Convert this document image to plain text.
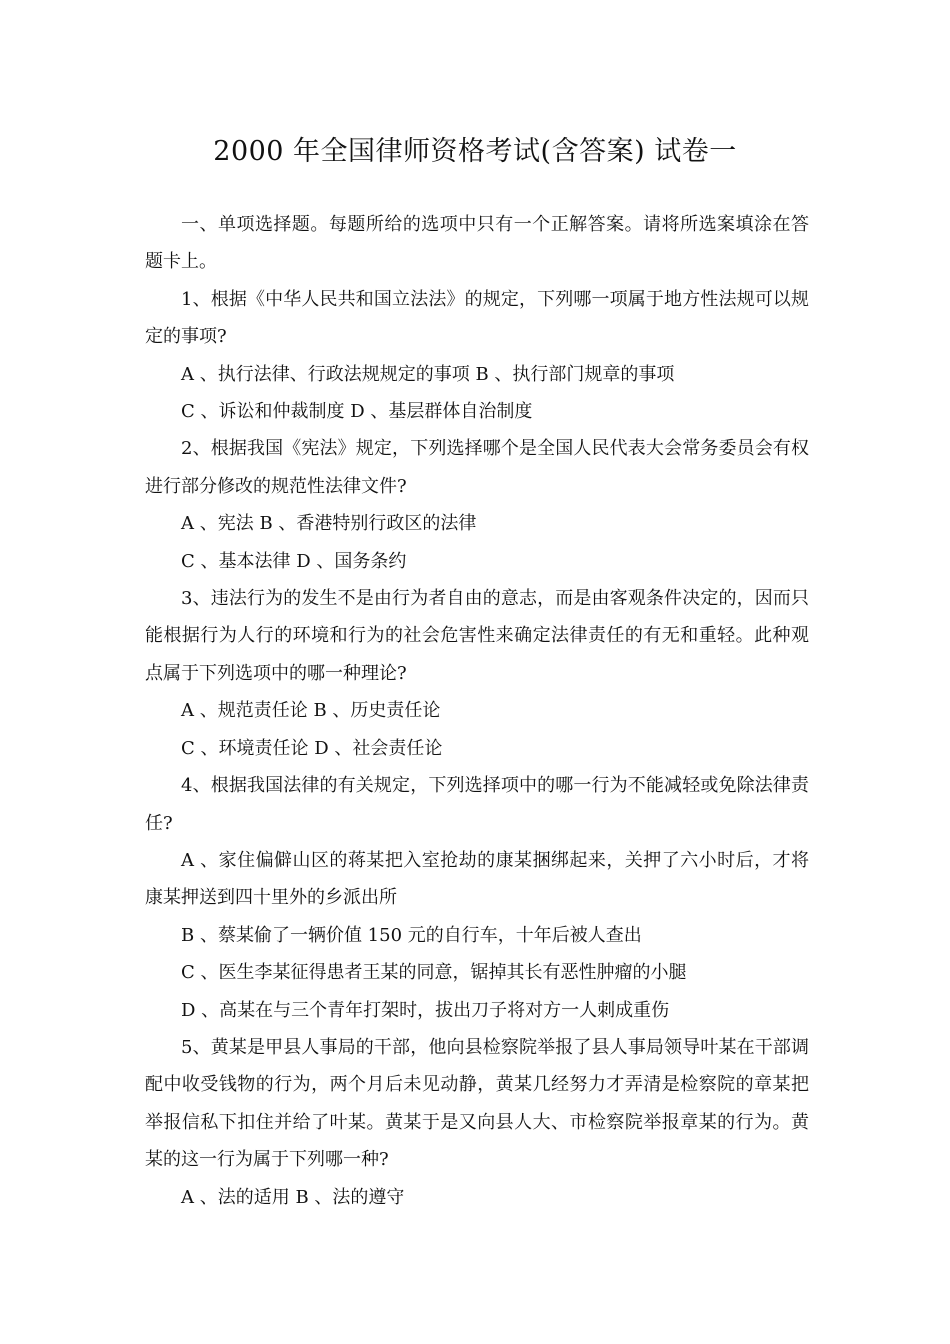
2000 年全国律师资格考试(含答案) 试卷一

一、单项选择题。每题所给的选项中只有一个正解答案。请将所选案填涂在答题卡上。

1、根据《中华人民共和国立法法》的规定，下列哪一项属于地方性法规可以规定的事项?

A 、执行法律、行政法规规定的事项 B 、执行部门规章的事项

C 、诉讼和仲裁制度 D 、基层群体自治制度

2、根据我国《宪法》规定，下列选择哪个是全国人民代表大会常务委员会有权进行部分修改的规范性法律文件?

A 、宪法 B 、香港特别行政区的法律

C 、基本法律 D 、国务条约

3、违法行为的发生不是由行为者自由的意志，而是由客观条件决定的，因而只能根据行为人行的环境和行为的社会危害性来确定法律责任的有无和重轻。此种观点属于下列选项中的哪一种理论?

A 、规范责任论 B 、历史责任论

C 、环境责任论 D 、社会责任论

4、根据我国法律的有关规定，下列选择项中的哪一行为不能减轻或免除法律责任?

A 、家住偏僻山区的蒋某把入室抢劫的康某捆绑起来，关押了六小时后，才将康某押送到四十里外的乡派出所

B 、蔡某偷了一辆价值 150 元的自行车，十年后被人查出

C 、医生李某征得患者王某的同意，锯掉其长有恶性肿瘤的小腿

D 、高某在与三个青年打架时，拔出刀子将对方一人刺成重伤

5、黄某是甲县人事局的干部，他向县检察院举报了县人事局领导叶某在干部调配中收受钱物的行为，两个月后未见动静，黄某几经努力才弄清是检察院的章某把举报信私下扣住并给了叶某。黄某于是又向县人大、市检察院举报章某的行为。黄某的这一行为属于下列哪一种?

A 、法的适用 B 、法的遵守
